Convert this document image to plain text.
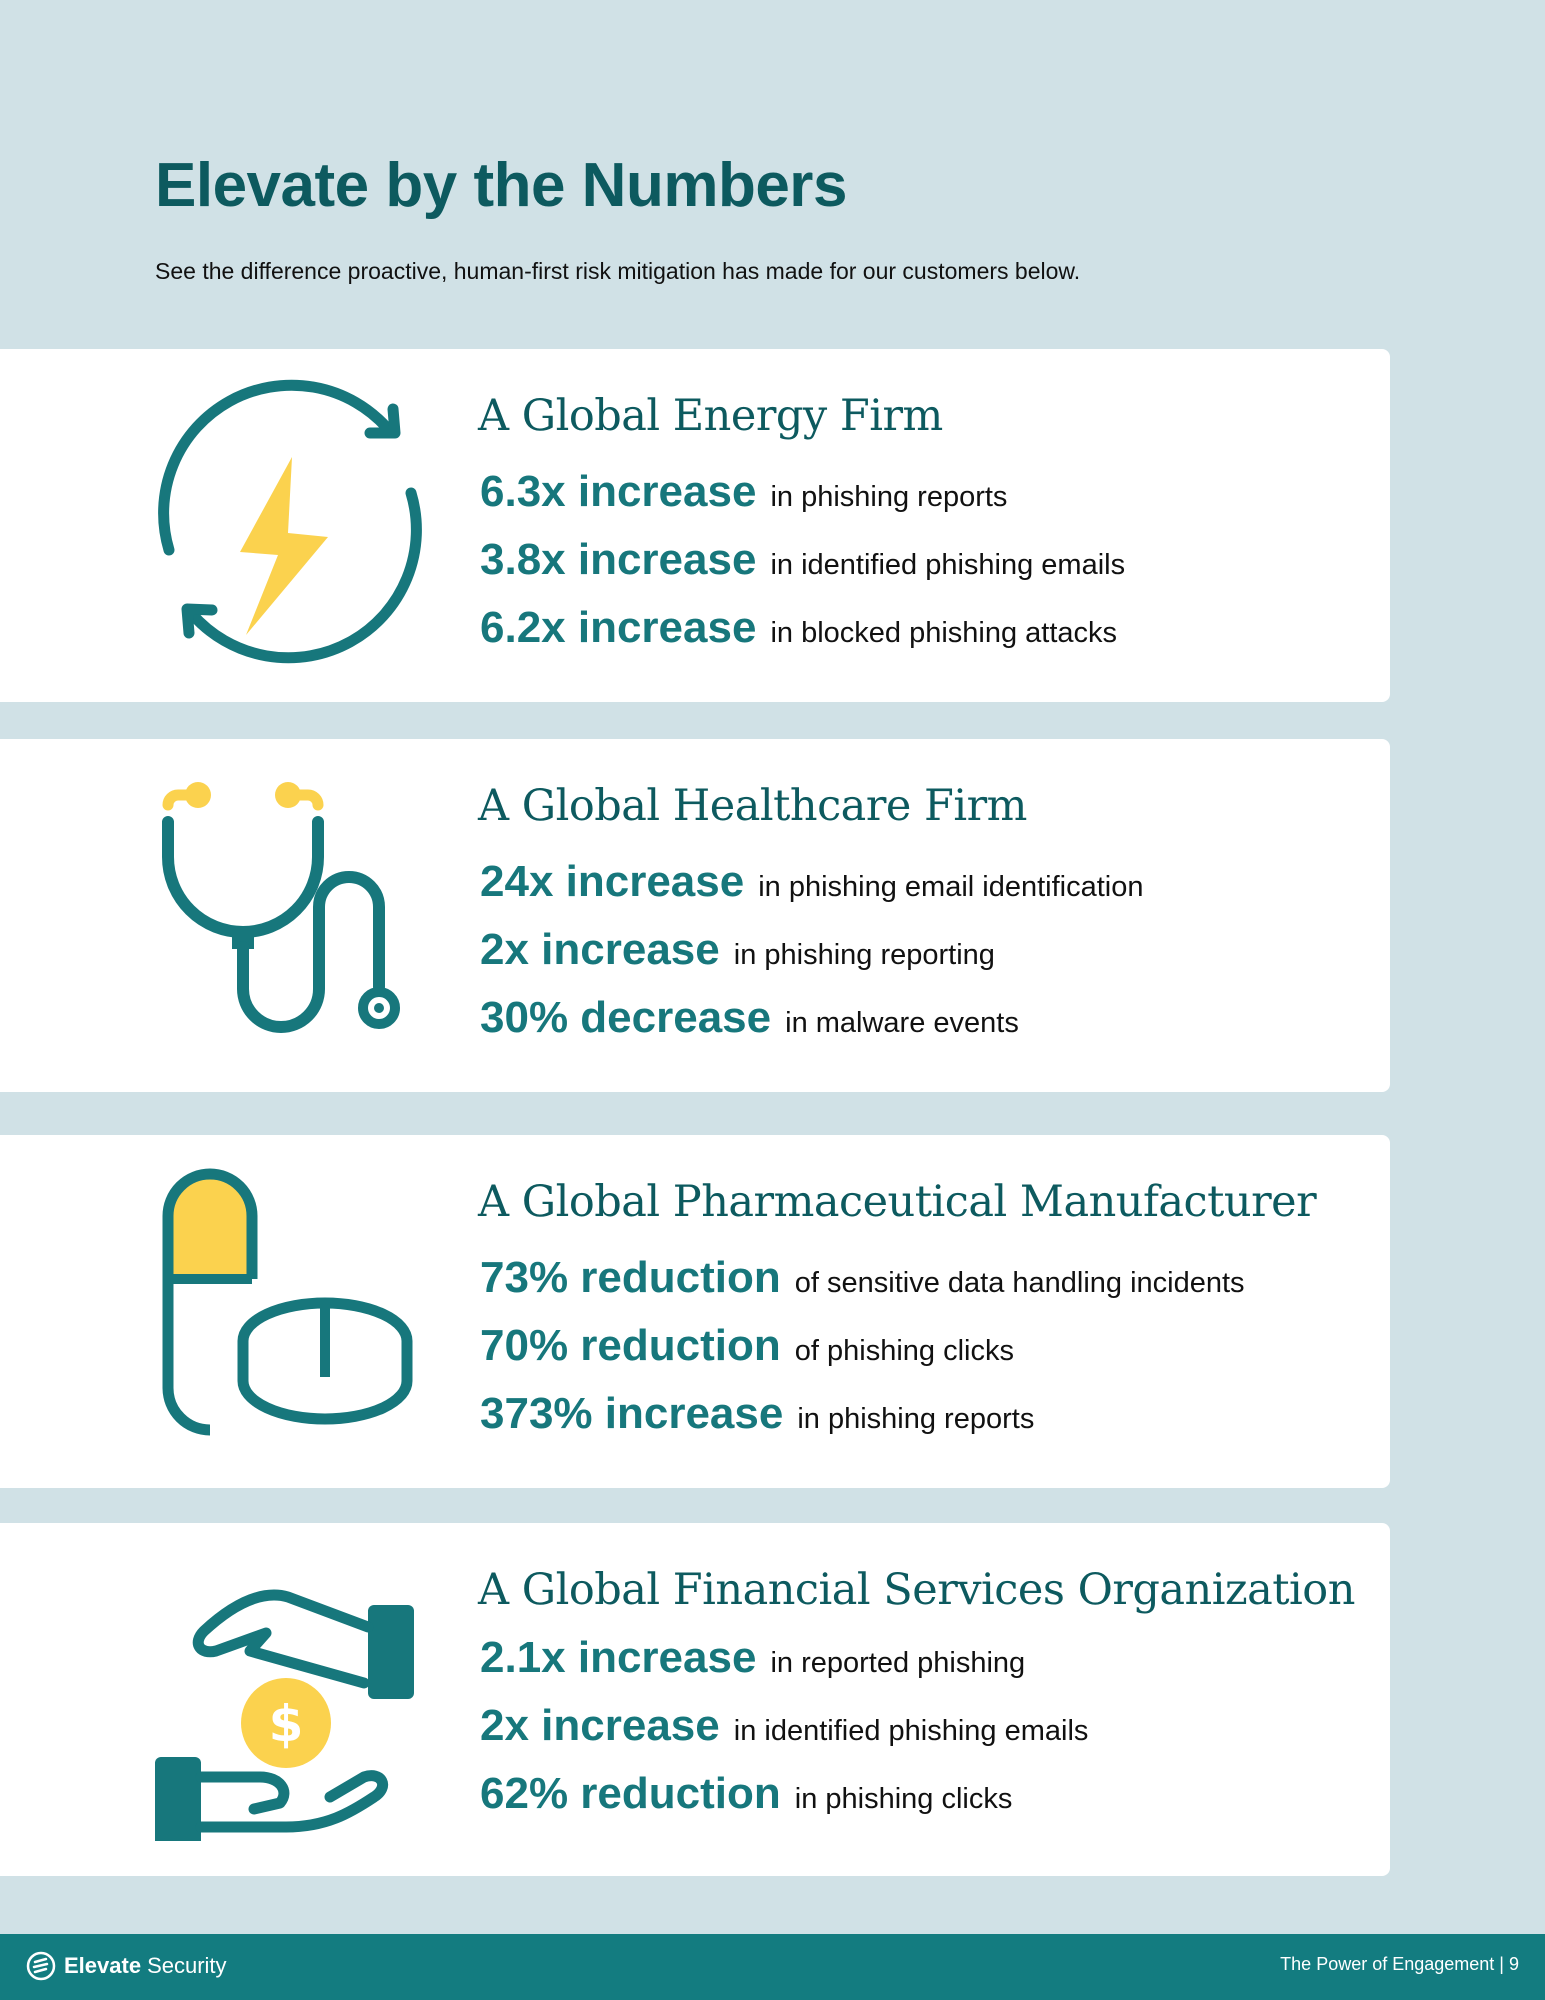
Elevate by the Numbers

See the difference proactive, human-first risk mitigation has made for our customers below.

A Global Energy Firm
6.3x increase in phishing reports
3.8x increase in identified phishing emails
6.2x increase in blocked phishing attacks
A Global Healthcare Firm
24x increase in phishing email identification
2x increase in phishing reporting
30% decrease in malware events
A Global Pharmaceutical Manufacturer
73% reduction of sensitive data handling incidents
70% reduction of phishing clicks
373% increase in phishing reports
$
A Global Financial Services Organization
2.1x increase in reported phishing
2x increase in identified phishing emails
62% reduction in phishing clicks
Elevate Security	The Power of Engagement | 9
